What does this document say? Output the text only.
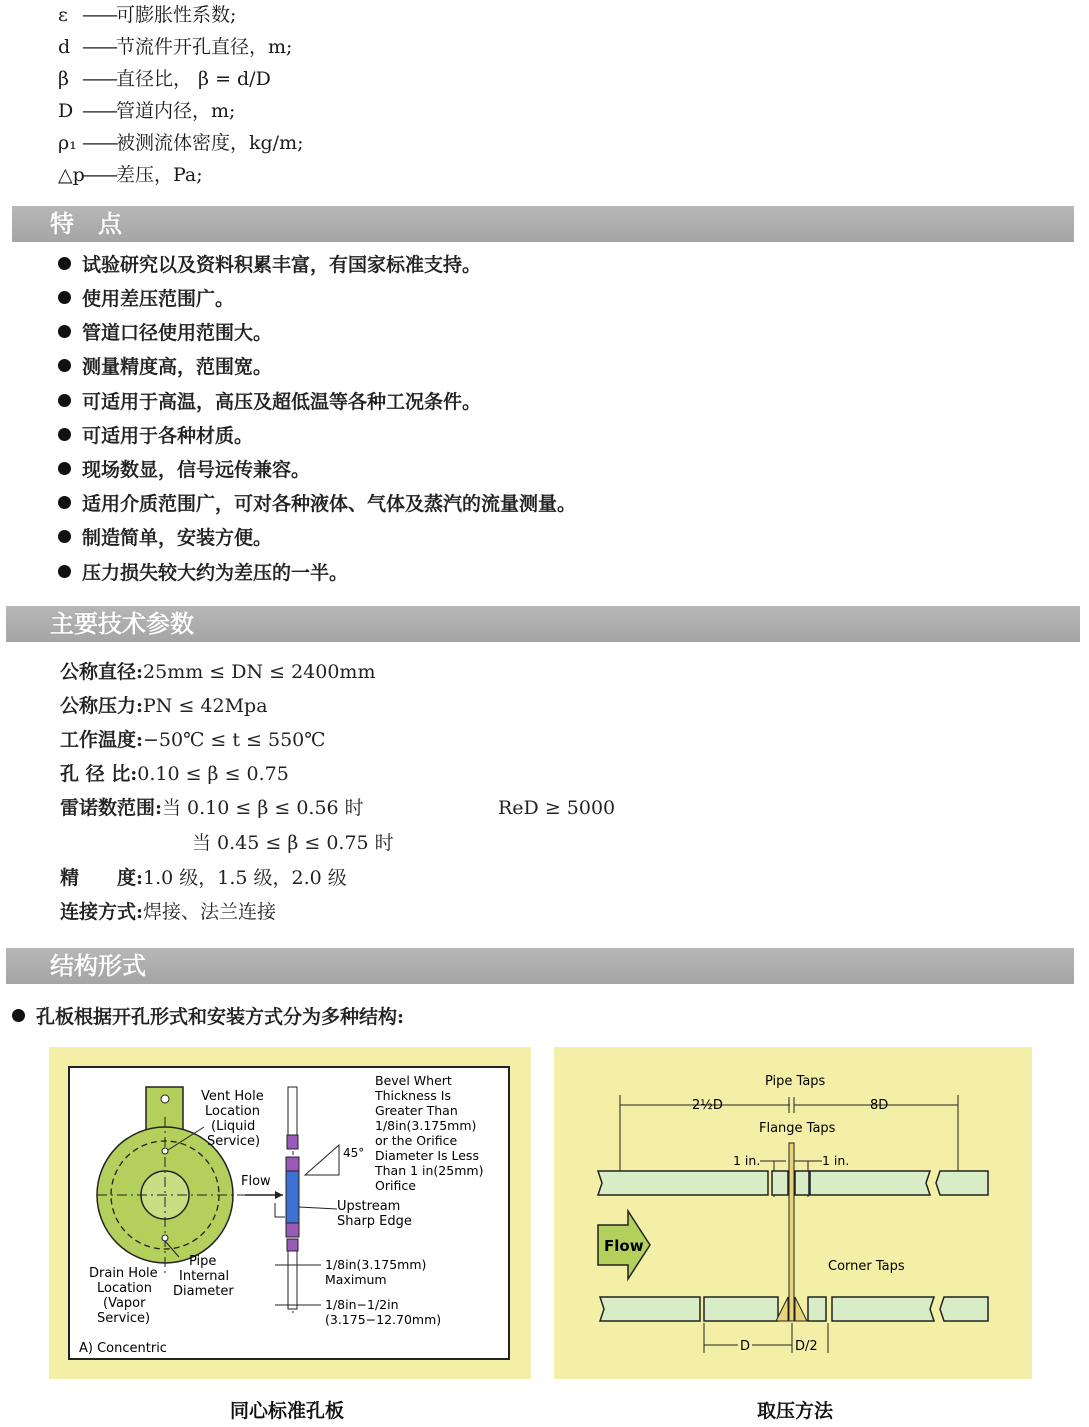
ε ——可膨胀性系数;
d ——节流件开孔直径，m;
β ——直径比， β = d/D
D ——管道内径，m;
ρ₁ ——被测流体密度，kg/m;
△p——差压，Pa;
特　点
试验研究以及资料积累丰富，有国家标准支持。
使用差压范围广。
管道口径使用范围大。
测量精度高，范围宽。
可适用于高温，高压及超低温等各种工况条件。
可适用于各种材质。
现场数显，信号远传兼容。
适用介质范围广，可对各种液体、气体及蒸汽的流量测量。
制造简单，安装方便。
压力损失较大约为差压的一半。
主要技术参数
公称直径:25mm ≤ DN ≤ 2400mm
公称压力:PN ≤ 42Mpa
工作温度:−50℃ ≤ t ≤ 550℃
孔 径 比:0.10 ≤ β ≤ 0.75
雷诺数范围:当 0.10 ≤ β ≤ 0.56 时	ReD ≥ 5000
当 0.45 ≤ β ≤ 0.75 时
精　　度:1.0 级，1.5 级，2.0 级
连接方式:焊接、法兰连接
结构形式
孔板根据开孔形式和安装方式分为多种结构:
Vent Hole
Location
(Liquid
Service)
Bevel Whert
Thickness Is
Greater Than
1/8in(3.175mm)
or the Orifice
Diameter Is Less
Than 1 in(25mm)
Orifice
45°
Flow
Upstream
Sharp Edge
Pipe
Internal
Diameter
Drain Hole
Location
(Vapor
Service)
1/8in(3.175mm)
Maximum
1/8in−1/2in
(3.175−12.70mm)
A) Concentric
Pipe Taps
2½D	8D
Flange Taps
1 in.	1 in.
Flow
Corner Taps
D	D/2
同心标准孔板	取压方法
